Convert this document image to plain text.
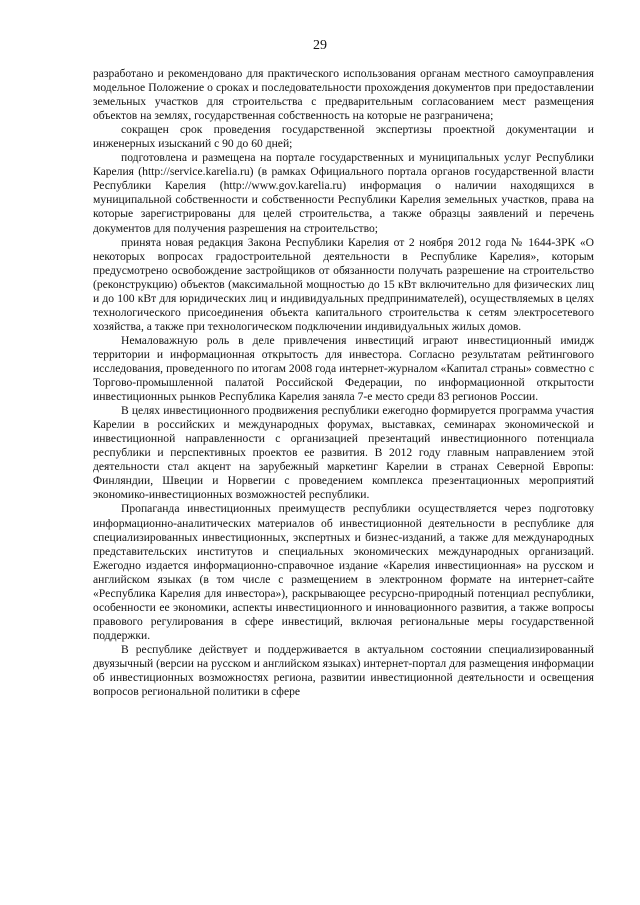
29

разработано и рекомендовано для практического использования органам местного самоуправления модельное Положение о сроках и последовательности прохождения документов при предоставлении земельных участков для строительства с предварительным согласованием мест размещения объектов на землях, государственная собственность на которые не разграничена;

сокращен срок проведения государственной экспертизы проектной документации и инженерных изысканий с 90 до 60 дней;

подготовлена и размещена на портале государственных и муниципальных услуг Республики Карелия (http://service.karelia.ru) (в рамках Официального портала органов государственной власти Республики Карелия (http://www.gov.karelia.ru) информация о наличии находящихся в муниципальной собственности и собственности Республики Карелия земельных участков, права на которые зарегистрированы для целей строительства, а также образцы заявлений и перечень документов для получения разрешения на строительство;

принята новая редакция Закона Республики Карелия от 2 ноября 2012 года № 1644-ЗРК «О некоторых вопросах градостроительной деятельности в Республике Карелия», которым предусмотрено освобождение застройщиков от обязанности получать разрешение на строительство (реконструкцию) объектов (максимальной мощностью до 15 кВт включительно для физических лиц и до 100 кВт для юридических лиц и индивидуальных предпринимателей), осуществляемых в целях технологического присоединения объекта капитального строительства к сетям электросетевого хозяйства, а также при технологическом подключении индивидуальных жилых домов.

Немаловажную роль в деле привлечения инвестиций играют инвестиционный имидж территории и информационная открытость для инвестора. Согласно результатам рейтингового исследования, проведенного по итогам 2008 года интернет-журналом «Капитал страны» совместно с Торгово-промышленной палатой Российской Федерации, по информационной открытости инвестиционных рынков Республика Карелия заняла 7-е место среди 83 регионов России.

В целях инвестиционного продвижения республики ежегодно формируется программа участия Карелии в российских и международных форумах, выставках, семинарах экономической и инвестиционной направленности с организацией презентаций инвестиционного потенциала республики и перспективных проектов ее развития. В 2012 году главным направлением этой деятельности стал акцент на зарубежный маркетинг Карелии в странах Северной Европы: Финляндии, Швеции и Норвегии с проведением комплекса презентационных мероприятий экономико-инвестиционных возможностей республики.

Пропаганда инвестиционных преимуществ республики осуществляется через подготовку информационно-аналитических материалов об инвестиционной деятельности в республике для специализированных инвестиционных, экспертных и бизнес-изданий, а также для международных представительских институтов и специальных экономических международных организаций. Ежегодно издается информационно-справочное издание «Карелия инвестиционная» на русском и английском языках (в том числе с размещением в электронном формате на интернет-сайте «Республика Карелия для инвестора»), раскрывающее ресурсно-природный потенциал республики, особенности ее экономики, аспекты инвестиционного и инновационного развития, а также вопросы правового регулирования в сфере инвестиций, включая региональные меры государственной поддержки.

В республике действует и поддерживается в актуальном состоянии специализированный двуязычный (версии на русском и английском языках) интернет-портал для размещения информации об инвестиционных возможностях региона, развитии инвестиционной деятельности и освещения вопросов региональной политики в сфере
